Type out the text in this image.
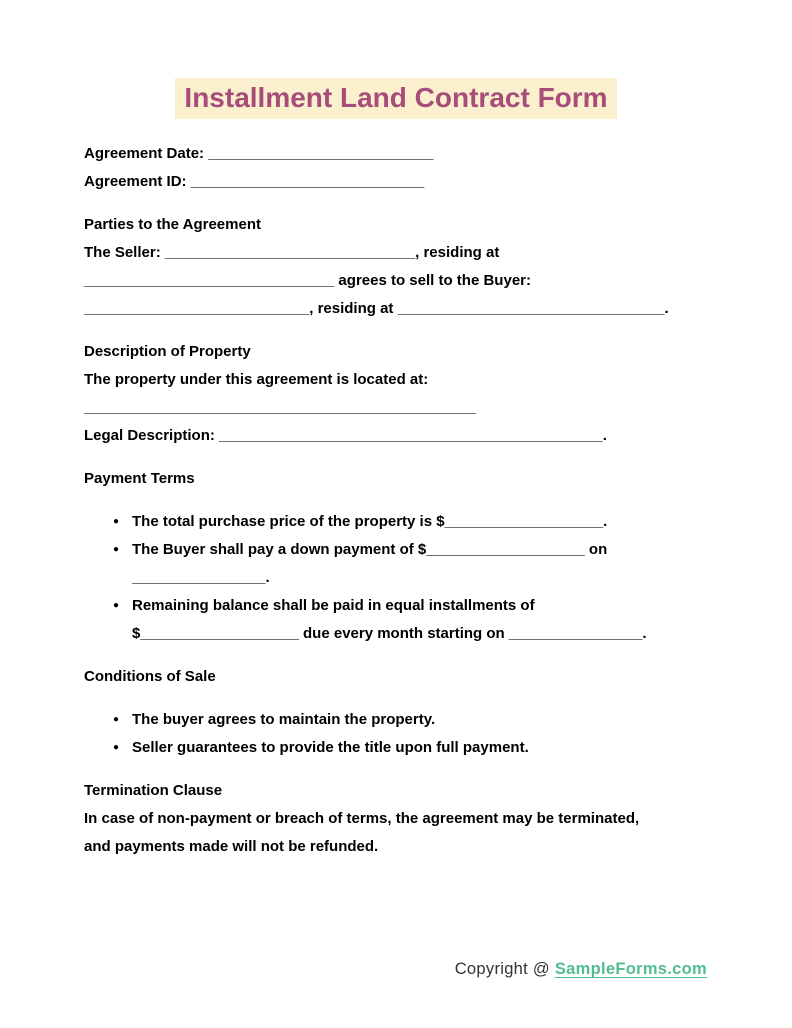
Installment Land Contract Form
Agreement Date: ___________________________
Agreement ID: ____________________________
Parties to the Agreement
The Seller: ______________________________, residing at
______________________________ agrees to sell to the Buyer:
___________________________, residing at ________________________________.
Description of Property
The property under this agreement is located at:
_______________________________________________
Legal Description: ______________________________________________.
Payment Terms
● The total purchase price of the property is $___________________.
● The Buyer shall pay a down payment of $___________________ on
________________.
● Remaining balance shall be paid in equal installments of
$___________________ due every month starting on ________________.
Conditions of Sale
● The buyer agrees to maintain the property.
● Seller guarantees to provide the title upon full payment.
Termination Clause
In case of non-payment or breach of terms, the agreement may be terminated,
and payments made will not be refunded.
Copyright @ SampleForms.com
